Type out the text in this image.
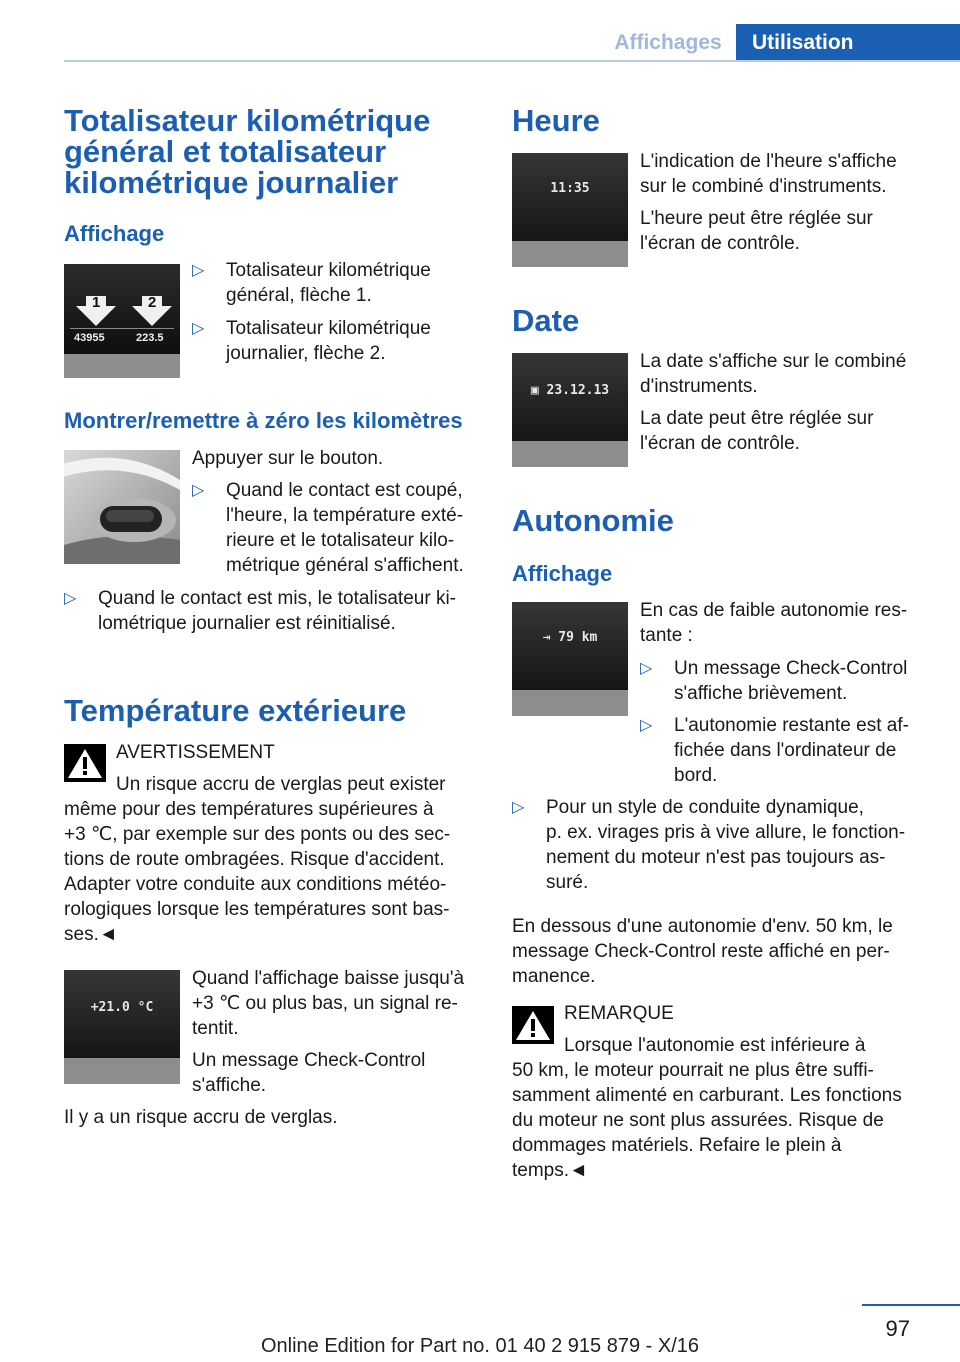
Affichages	Utilisation
Totalisateur kilométrique
général et totalisateur
kilométrique journalier
Affichage
1	2
43955	223.5
▷ Totalisateur kilométrique
général, flèche 1.
▷ Totalisateur kilométrique
journalier, flèche 2.
Montrer/remettre à zéro les kilomètres
Appuyer sur le bouton.
▷ Quand le contact est coupé,
l'heure, la température exté-
rieure et le totalisateur kilo-
métrique général s'affichent.
▷ Quand le contact est mis, le totalisateur ki-
lométrique journalier est réinitialisé.
Température extérieure
AVERTISSEMENT
Un risque accru de verglas peut exister
même pour des températures supérieures à
+3 ℃, par exemple sur des ponts ou des sec-
tions de route ombragées. Risque d'accident.
Adapter votre conduite aux conditions météo-
rologiques lorsque les températures sont bas-
ses.◄
+21.0 °C
Quand l'affichage baisse jusqu'à
+3 ℃ ou plus bas, un signal re-
tentit.
Un message Check-Control
s'affiche.
Il y a un risque accru de verglas.
Heure
11:35
L'indication de l'heure s'affiche
sur le combiné d'instruments.
L'heure peut être réglée sur
l'écran de contrôle.
Date
▣ 23.12.13
La date s'affiche sur le combiné
d'instruments.
La date peut être réglée sur
l'écran de contrôle.
Autonomie
Affichage
⇥ 79 km
En cas de faible autonomie res-
tante :
▷ Un message Check-Control
s'affiche brièvement.
▷ L'autonomie restante est af-
fichée dans l'ordinateur de
bord.
▷ Pour un style de conduite dynamique,
p. ex. virages pris à vive allure, le fonction-
nement du moteur n'est pas toujours as-
suré.
En dessous d'une autonomie d'env. 50 km, le
message Check-Control reste affiché en per-
manence.
REMARQUE
Lorsque l'autonomie est inférieure à
50 km, le moteur pourrait ne plus être suffi-
samment alimenté en carburant. Les fonctions
du moteur ne sont plus assurées. Risque de
dommages matériels. Refaire le plein à
temps.◄
97
Online Edition for Part no. 01 40 2 915 879 - X/16
